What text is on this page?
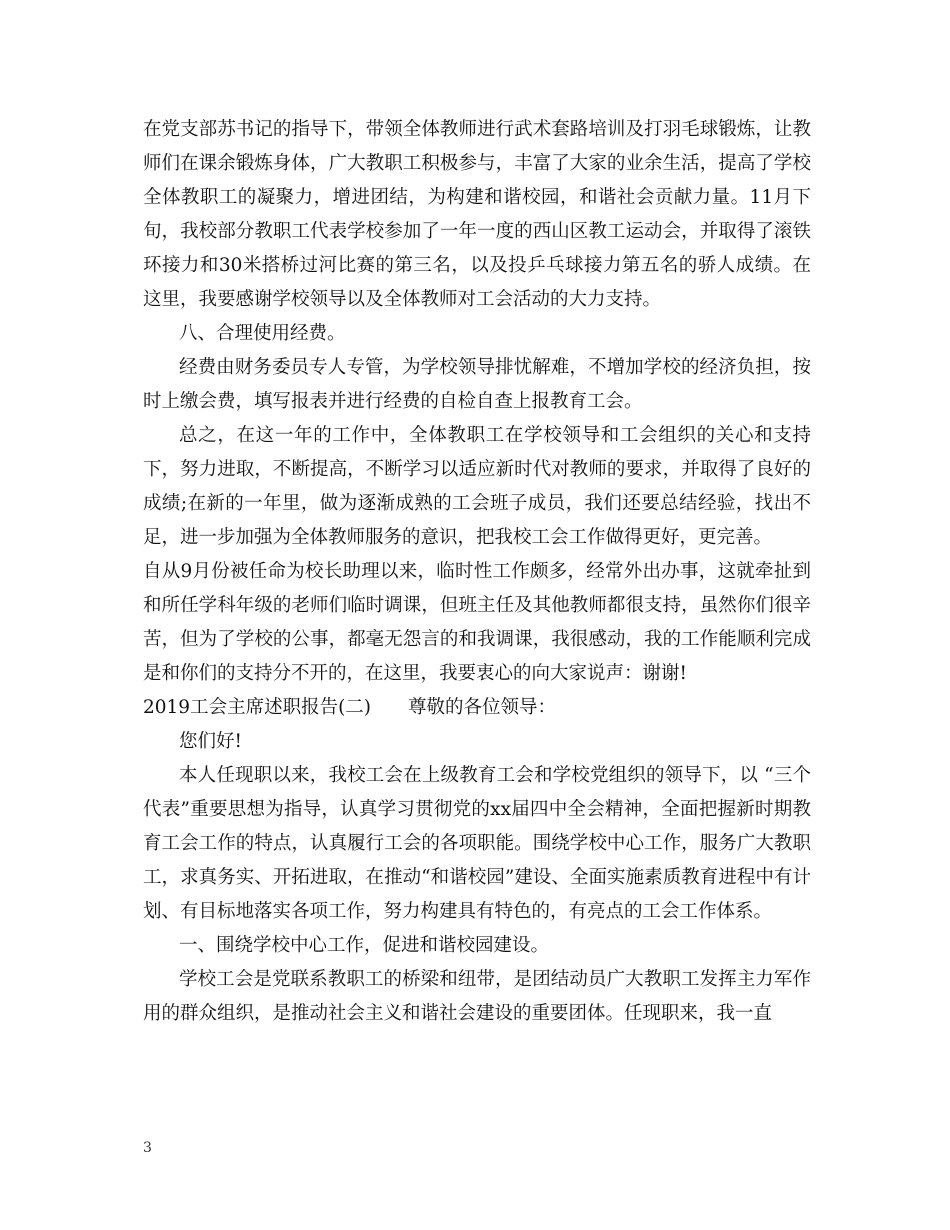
在党支部苏书记的指导下，带领全体教师进行武术套路培训及打羽毛球锻炼，让教师们在课余锻炼身体，广大教职工积极参与，丰富了大家的业余生活，提高了学校全体教职工的凝聚力，增进团结，为构建和谐校园，和谐社会贡献力量。11月下旬，我校部分教职工代表学校参加了一年一度的西山区教工运动会，并取得了滚铁环接力和30米搭桥过河比赛的第三名，以及投乒乓球接力第五名的骄人成绩。在这里，我要感谢学校领导以及全体教师对工会活动的大力支持。

八、合理使用经费。

经费由财务委员专人专管，为学校领导排忧解难，不增加学校的经济负担，按时上缴会费，填写报表并进行经费的自检自查上报教育工会。

总之，在这一年的工作中，全体教职工在学校领导和工会组织的关心和支持下，努力进取，不断提高，不断学习以适应新时代对教师的要求，并取得了良好的成绩;在新的一年里，做为逐渐成熟的工会班子成员，我们还要总结经验，找出不足，进一步加强为全体教师服务的意识，把我校工会工作做得更好，更完善。

自从9月份被任命为校长助理以来，临时性工作颇多，经常外出办事，这就牵扯到和所任学科年级的老师们临时调课，但班主任及其他教师都很支持，虽然你们很辛苦，但为了学校的公事，都毫无怨言的和我调课，我很感动，我的工作能顺利完成是和你们的支持分不开的，在这里，我要衷心的向大家说声：谢谢!

2019工会主席述职报告(二)　　尊敬的各位领导：

您们好!

本人任现职以来，我校工会在上级教育工会和学校党组织的领导下，以 “三个代表”重要思想为指导，认真学习贯彻党的xx届四中全会精神，全面把握新时期教育工会工作的特点，认真履行工会的各项职能。围绕学校中心工作，服务广大教职工，求真务实、开拓进取，在推动“和谐校园”建设、全面实施素质教育进程中有计划、有目标地落实各项工作，努力构建具有特色的，有亮点的工会工作体系。

一、围绕学校中心工作，促进和谐校园建设。

学校工会是党联系教职工的桥梁和纽带，是团结动员广大教职工发挥主力军作用的群众组织，是推动社会主义和谐社会建设的重要团体。任现职来，我一直

3
